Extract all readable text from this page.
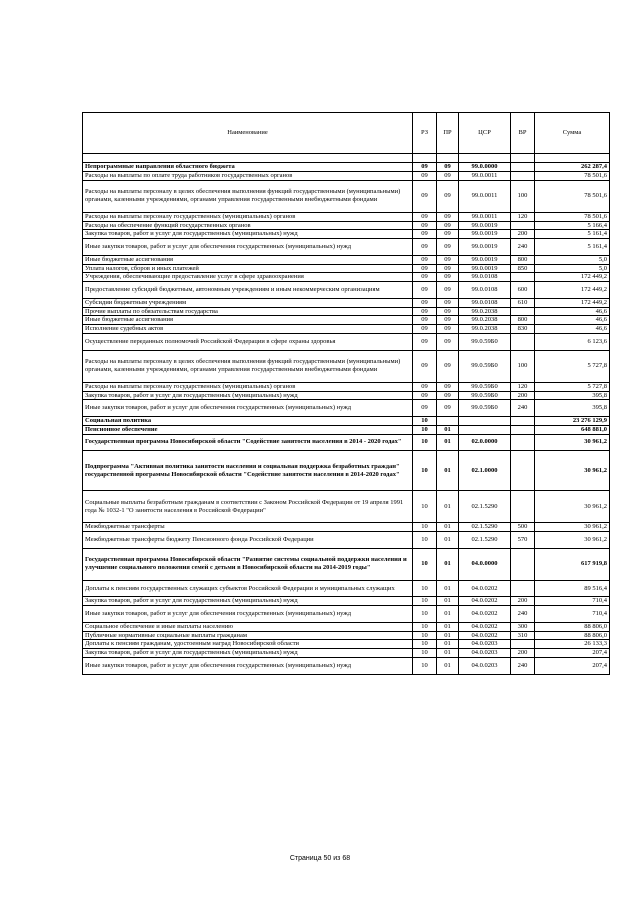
Наименование	РЗ	ПР	ЦСР	ВР	Сумма

Непрограммные направления областного бюджета	09	09	99.0.0000		262 287,4
Расходы на выплаты по оплате труда работников государственных органов	09	09	99.0.0011		78 501,6
Расходы на выплаты персоналу в целях обеспечения выполнения функций государственными (муниципальными) органами, казенными учреждениями, органами управления государственными внебюджетными фондами	09	09	99.0.0011	100	78 501,6
Расходы на выплаты персоналу государственных (муниципальных) органов	09	09	99.0.0011	120	78 501,6
Расходы на обеспечение функций государственных органов	09	09	99.0.0019		5 166,4
Закупка товаров, работ и услуг для государственных (муниципальных) нужд	09	09	99.0.0019	200	5 161,4
Иные закупки товаров, работ и услуг для обеспечения государственных (муниципальных) нужд	09	09	99.0.0019	240	5 161,4
Иные бюджетные ассигнования	09	09	99.0.0019	800	5,0
Уплата налогов, сборов и иных платежей	09	09	99.0.0019	850	5,0
Учреждения, обеспечивающие предоставление услуг в сфере здравоохранения	09	09	99.0.0108		172 449,2
Предоставление субсидий бюджетным, автономным учреждениям и иным некоммерческим организациям	09	09	99.0.0108	600	172 449,2
Субсидии бюджетным учреждениям	09	09	99.0.0108	610	172 449,2
Прочие выплаты по обязательствам государства	09	09	99.0.2038		46,6
Иные бюджетные ассигнования	09	09	99.0.2038	800	46,6
Исполнение судебных актов	09	09	99.0.2038	830	46,6
Осуществление переданных полномочий Российской Федерации в сфере охраны здоровья	09	09	99.0.59Б0		6 123,6
Расходы на выплаты персоналу в целях обеспечения выполнения функций государственными (муниципальными) органами, казенными учреждениями, органами управления государственными внебюджетными фондами	09	09	99.0.59Б0	100	5 727,8
Расходы на выплаты персоналу государственных (муниципальных) органов	09	09	99.0.59Б0	120	5 727,8
Закупка товаров, работ и услуг для государственных (муниципальных) нужд	09	09	99.0.59Б0	200	395,8
Иные закупки товаров, работ и услуг для обеспечения государственных (муниципальных) нужд	09	09	99.0.59Б0	240	395,8
Социальная политика	10				23 276 129,9
Пенсионное обеспечение	10	01			648 881,0
Государственная программа Новосибирской области "Содействие занятости населения в 2014 - 2020 годах"	10	01	02.0.0000		30 961,2
Подпрограмма "Активная политика занятости населения и социальная поддержка безработных граждан" государственной программы Новосибирской области "Содействие занятости населения в 2014-2020 годах"	10	01	02.1.0000		30 961,2
Социальные выплаты безработным гражданам в соответствии с Законом Российской Федерации от 19 апреля 1991 года № 1032-1 "О занятости населения в Российской Федерации"	10	01	02.1.5290		30 961,2
Межбюджетные трансферты	10	01	02.1.5290	500	30 961,2
Межбюджетные трансферты бюджету Пенсионного фонда Российской Федерации	10	01	02.1.5290	570	30 961,2
Государственная программа Новосибирской области "Развитие системы социальной поддержки населения и улучшение социального положения семей с детьми в Новосибирской области на 2014-2019 годы"	10	01	04.0.0000		617 919,8
Доплаты к пенсиям государственных служащих субъектов Российской Федерации и муниципальных служащих	10	01	04.0.0202		89 516,4
Закупка товаров, работ и услуг для государственных (муниципальных) нужд	10	01	04.0.0202	200	710,4
Иные закупки товаров, работ и услуг для обеспечения государственных (муниципальных) нужд	10	01	04.0.0202	240	710,4
Социальное обеспечение и иные выплаты населению	10	01	04.0.0202	300	88 806,0
Публичные нормативные социальные выплаты гражданам	10	01	04.0.0202	310	88 806,0
Доплаты к пенсиям гражданам, удостоенным наград Новосибирской области	10	01	04.0.0203		26 133,3
Закупка товаров, работ и услуг для государственных (муниципальных) нужд	10	01	04.0.0203	200	207,4
Иные закупки товаров, работ и услуг для обеспечения государственных (муниципальных) нужд	10	01	04.0.0203	240	207,4
Страница 50 из 68
